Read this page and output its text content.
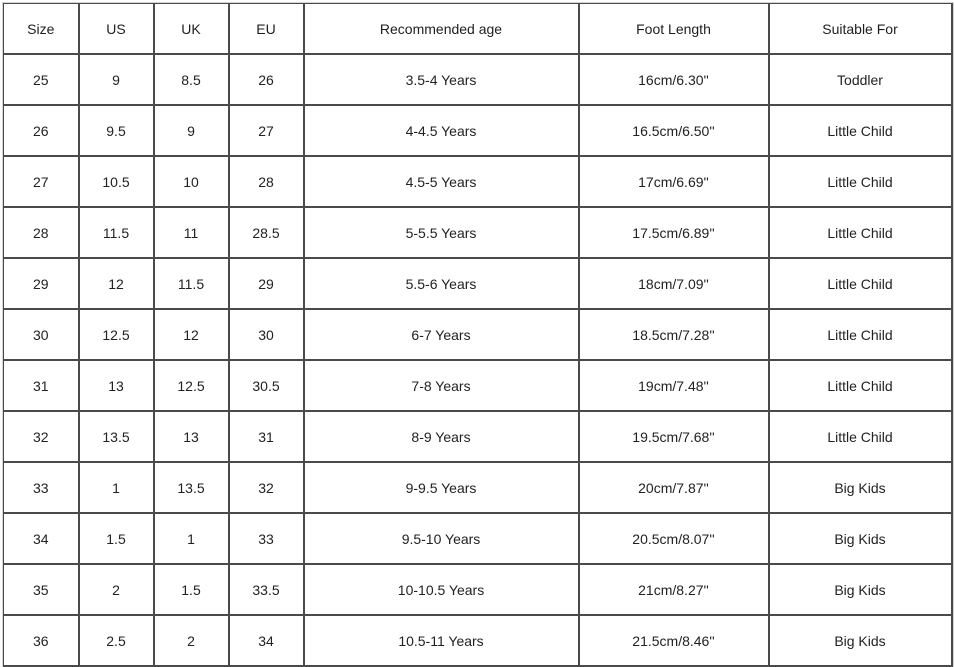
Size	US	UK	EU	Recommended age	Foot Length	Suitable For
25	9	8.5	26	3.5-4 Years	16cm/6.30''	Toddler
26	9.5	9	27	4-4.5 Years	16.5cm/6.50''	Little Child
27	10.5	10	28	4.5-5 Years	17cm/6.69''	Little Child
28	11.5	11	28.5	5-5.5 Years	17.5cm/6.89''	Little Child
29	12	11.5	29	5.5-6 Years	18cm/7.09''	Little Child
30	12.5	12	30	6-7 Years	18.5cm/7.28''	Little Child
31	13	12.5	30.5	7-8 Years	19cm/7.48''	Little Child
32	13.5	13	31	8-9 Years	19.5cm/7.68''	Little Child
33	1	13.5	32	9-9.5 Years	20cm/7.87''	Big Kids
34	1.5	1	33	9.5-10 Years	20.5cm/8.07''	Big Kids
35	2	1.5	33.5	10-10.5 Years	21cm/8.27''	Big Kids
36	2.5	2	34	10.5-11 Years	21.5cm/8.46''	Big Kids
